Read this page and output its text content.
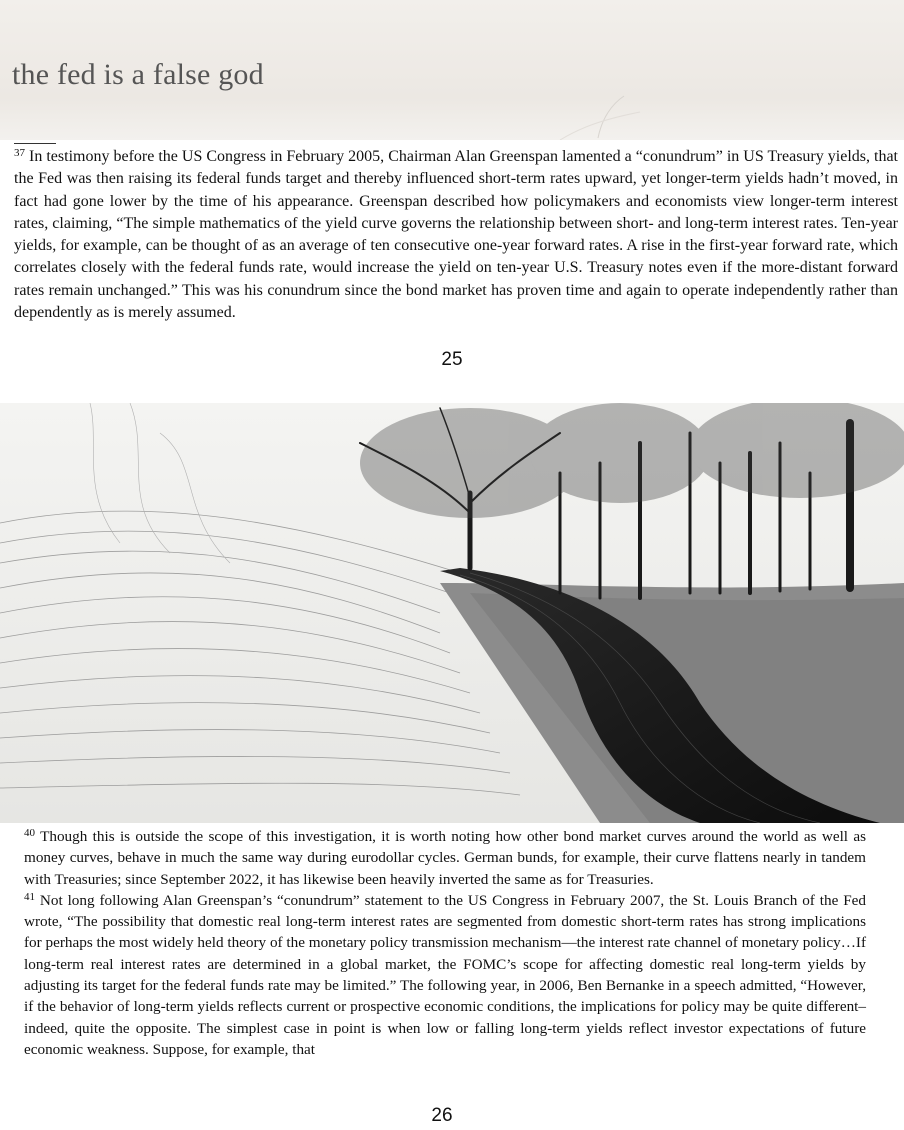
the fed is a false god

$^{37}$ In testimony before the US Congress in February 2005, Chairman Alan Greenspan lamented a “conundrum” in US Treasury yields, that the Fed was then raising its federal funds target and thereby influenced short-term rates upward, yet longer-term yields hadn’t moved, in fact had gone lower by the time of his appearance. Greenspan described how policymakers and economists view longer-term interest rates, claiming, “The simple mathematics of the yield curve governs the relationship between short- and long-term interest rates. Ten-year yields, for example, can be thought of as an average of ten consecutive one-year forward rates. A rise in the first-year forward rate, which correlates closely with the federal funds rate, would increase the yield on ten-year U.S. Treasury notes even if the more-distant forward rates remain unchanged.” This was his conundrum since the bond market has proven time and again to operate independently rather than dependently as is merely assumed.

25

$^{40}$ Though this is outside the scope of this investigation, it is worth noting how other bond market curves around the world as well as money curves, behave in much the same way during eurodollar cycles. German bunds, for example, their curve flattens nearly in tandem with Treasuries; since September 2022, it has likewise been heavily inverted the same as for Treasuries.

$^{41}$ Not long following Alan Greenspan’s “conundrum” statement to the US Congress in February 2007, the St. Louis Branch of the Fed wrote, “The possibility that domestic real long-term interest rates are segmented from domestic short-term rates has strong implications for perhaps the most widely held theory of the monetary policy transmission mechanism—the interest rate channel of monetary policy…If long-term real interest rates are determined in a global market, the FOMC’s scope for affecting domestic real long-term yields by adjusting its target for the federal funds rate may be limited.” The following year, in 2006, Ben Bernanke in a speech admitted, “However, if the behavior of long-term yields reflects current or prospective economic conditions, the implications for policy may be quite different–indeed, quite the opposite. The simplest case in point is when low or falling long-term yields reflect investor expectations of future economic weakness. Suppose, for example, that

26
